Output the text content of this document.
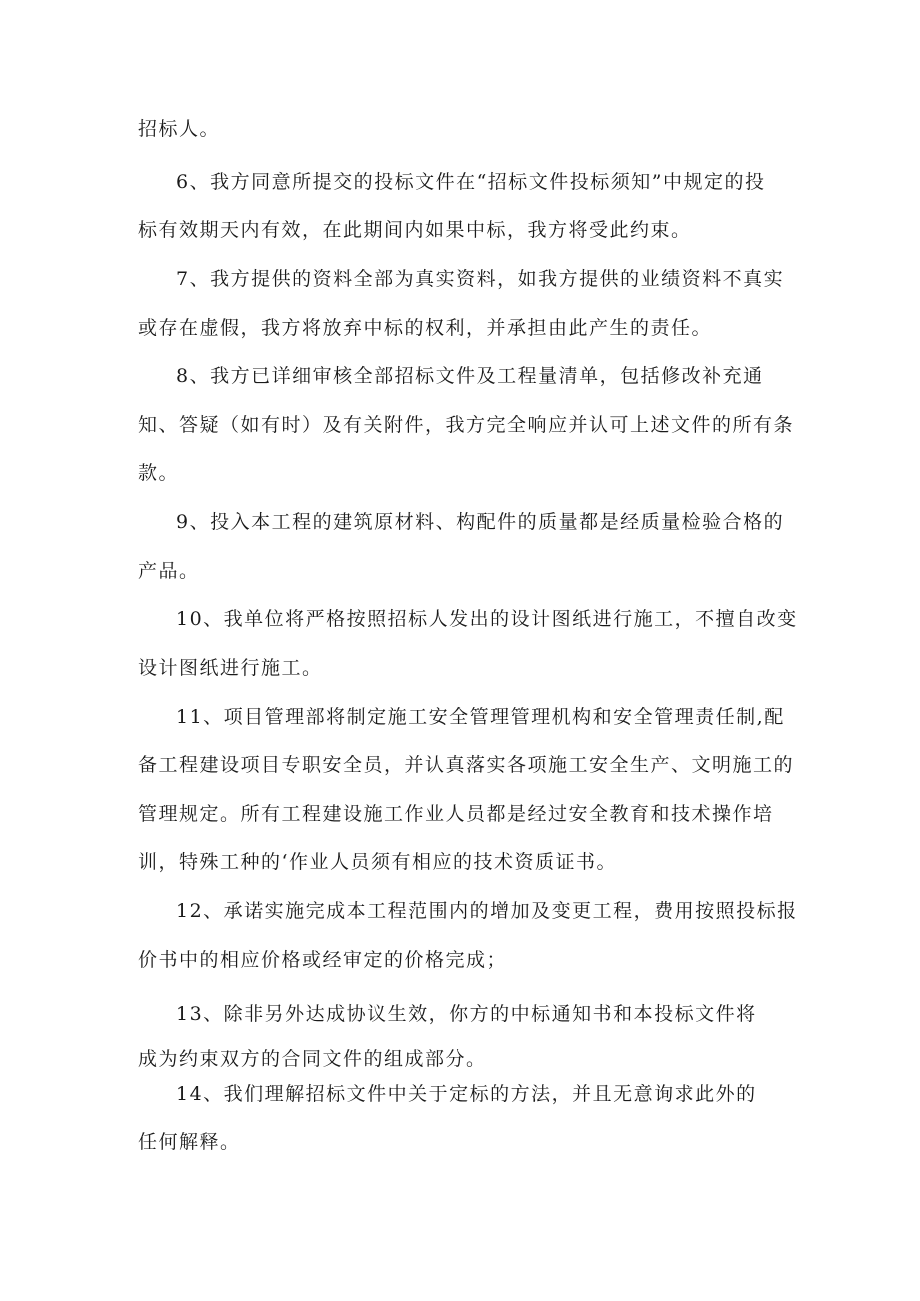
招标人。
6、我方同意所提交的投标文件在“招标文件投标须知”中规定的投
标有效期天内有效，在此期间内如果中标，我方将受此约束。
7、我方提供的资料全部为真实资料，如我方提供的业绩资料不真实
或存在虚假，我方将放弃中标的权利，并承担由此产生的责任。
8、我方已详细审核全部招标文件及工程量清单，包括修改补充通
知、答疑（如有时）及有关附件，我方完全响应并认可上述文件的所有条
款。
9、投入本工程的建筑原材料、构配件的质量都是经质量检验合格的
产品。
10、我单位将严格按照招标人发出的设计图纸进行施工，不擅自改变
设计图纸进行施工。
11、项目管理部将制定施工安全管理管理机构和安全管理责任制,配
备工程建设项目专职安全员，并认真落实各项施工安全生产、文明施工的
管理规定。所有工程建设施工作业人员都是经过安全教育和技术操作培
训，特殊工种的‘作业人员须有相应的技术资质证书。
12、承诺实施完成本工程范围内的增加及变更工程，费用按照投标报
价书中的相应价格或经审定的价格完成；
13、除非另外达成协议生效，你方的中标通知书和本投标文件将
成为约束双方的合同文件的组成部分。
14、我们理解招标文件中关于定标的方法，并且无意询求此外的
任何解释。
